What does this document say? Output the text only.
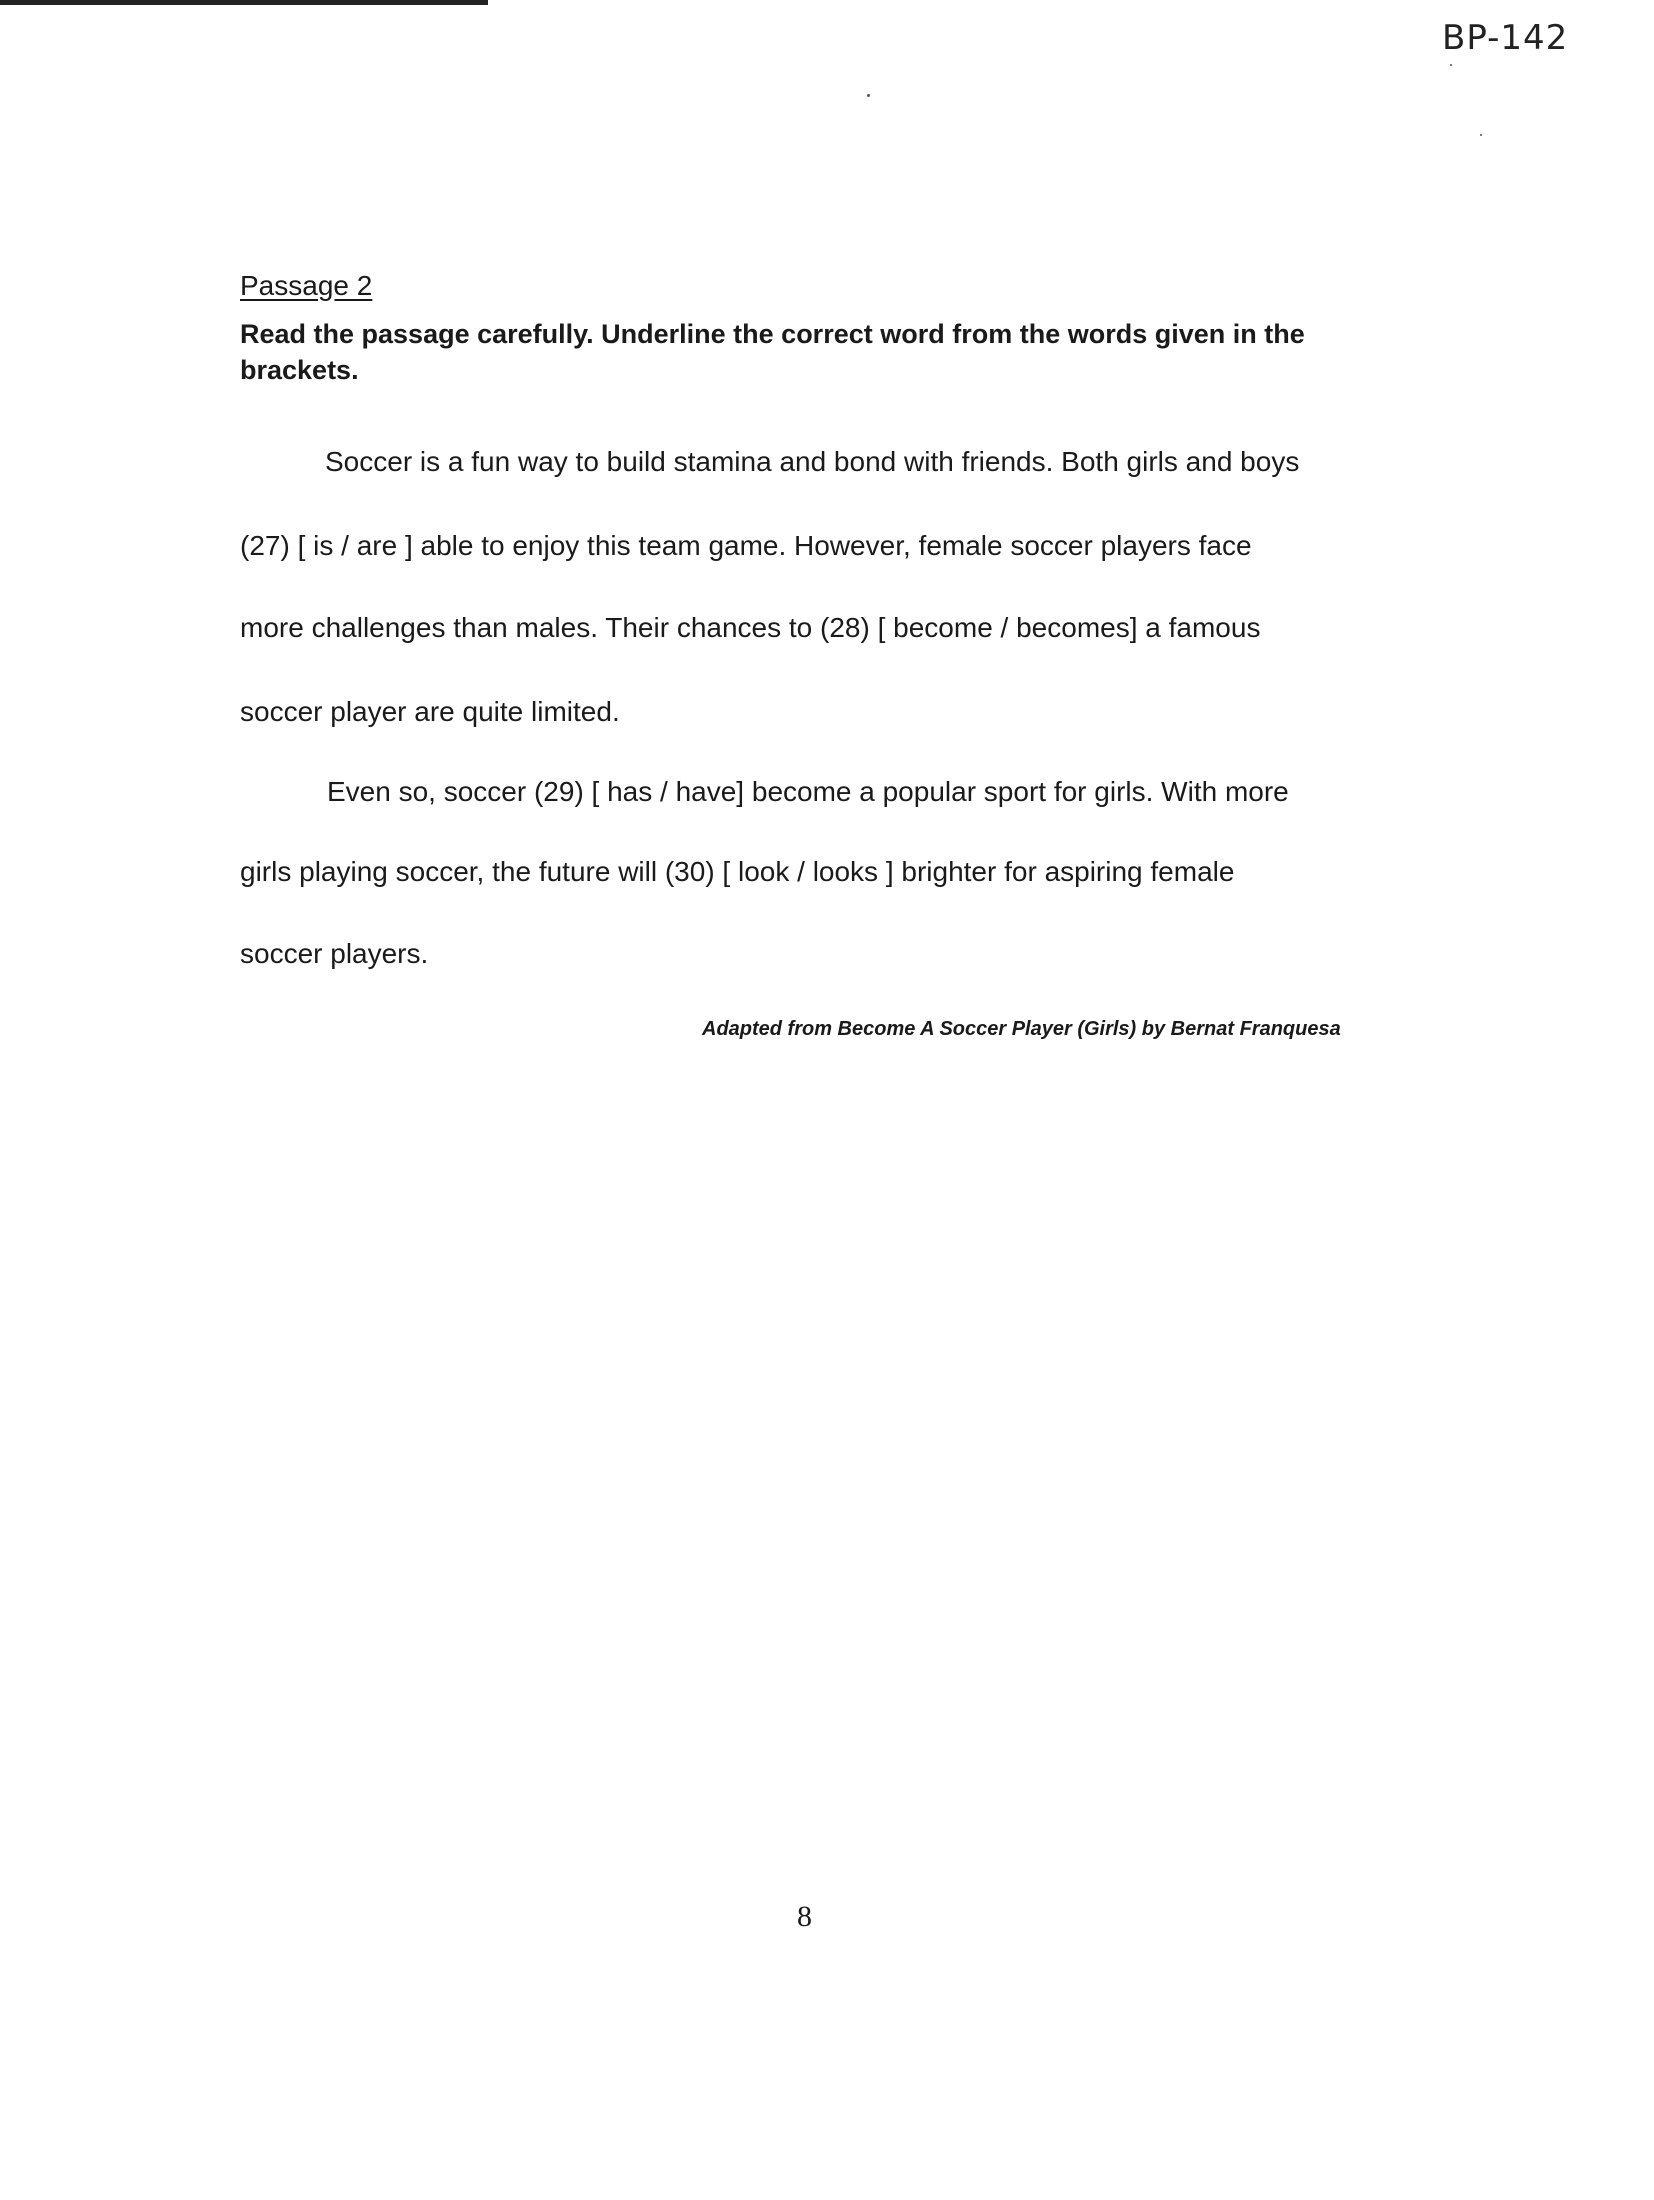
BP-142
Passage 2
Read the passage carefully. Underline the correct word from the words given in the brackets.
Soccer is a fun way to build stamina and bond with friends. Both girls and boys
(27) [ is / are ] able to enjoy this team game. However, female soccer players face
more challenges than males. Their chances to (28) [ become / becomes] a famous
soccer player are quite limited.
Even so, soccer (29) [ has / have] become a popular sport for girls. With more
girls playing soccer, the future will (30) [ look / looks ] brighter for aspiring female
soccer players.
Adapted from Become A Soccer Player (Girls) by Bernat Franquesa
8
